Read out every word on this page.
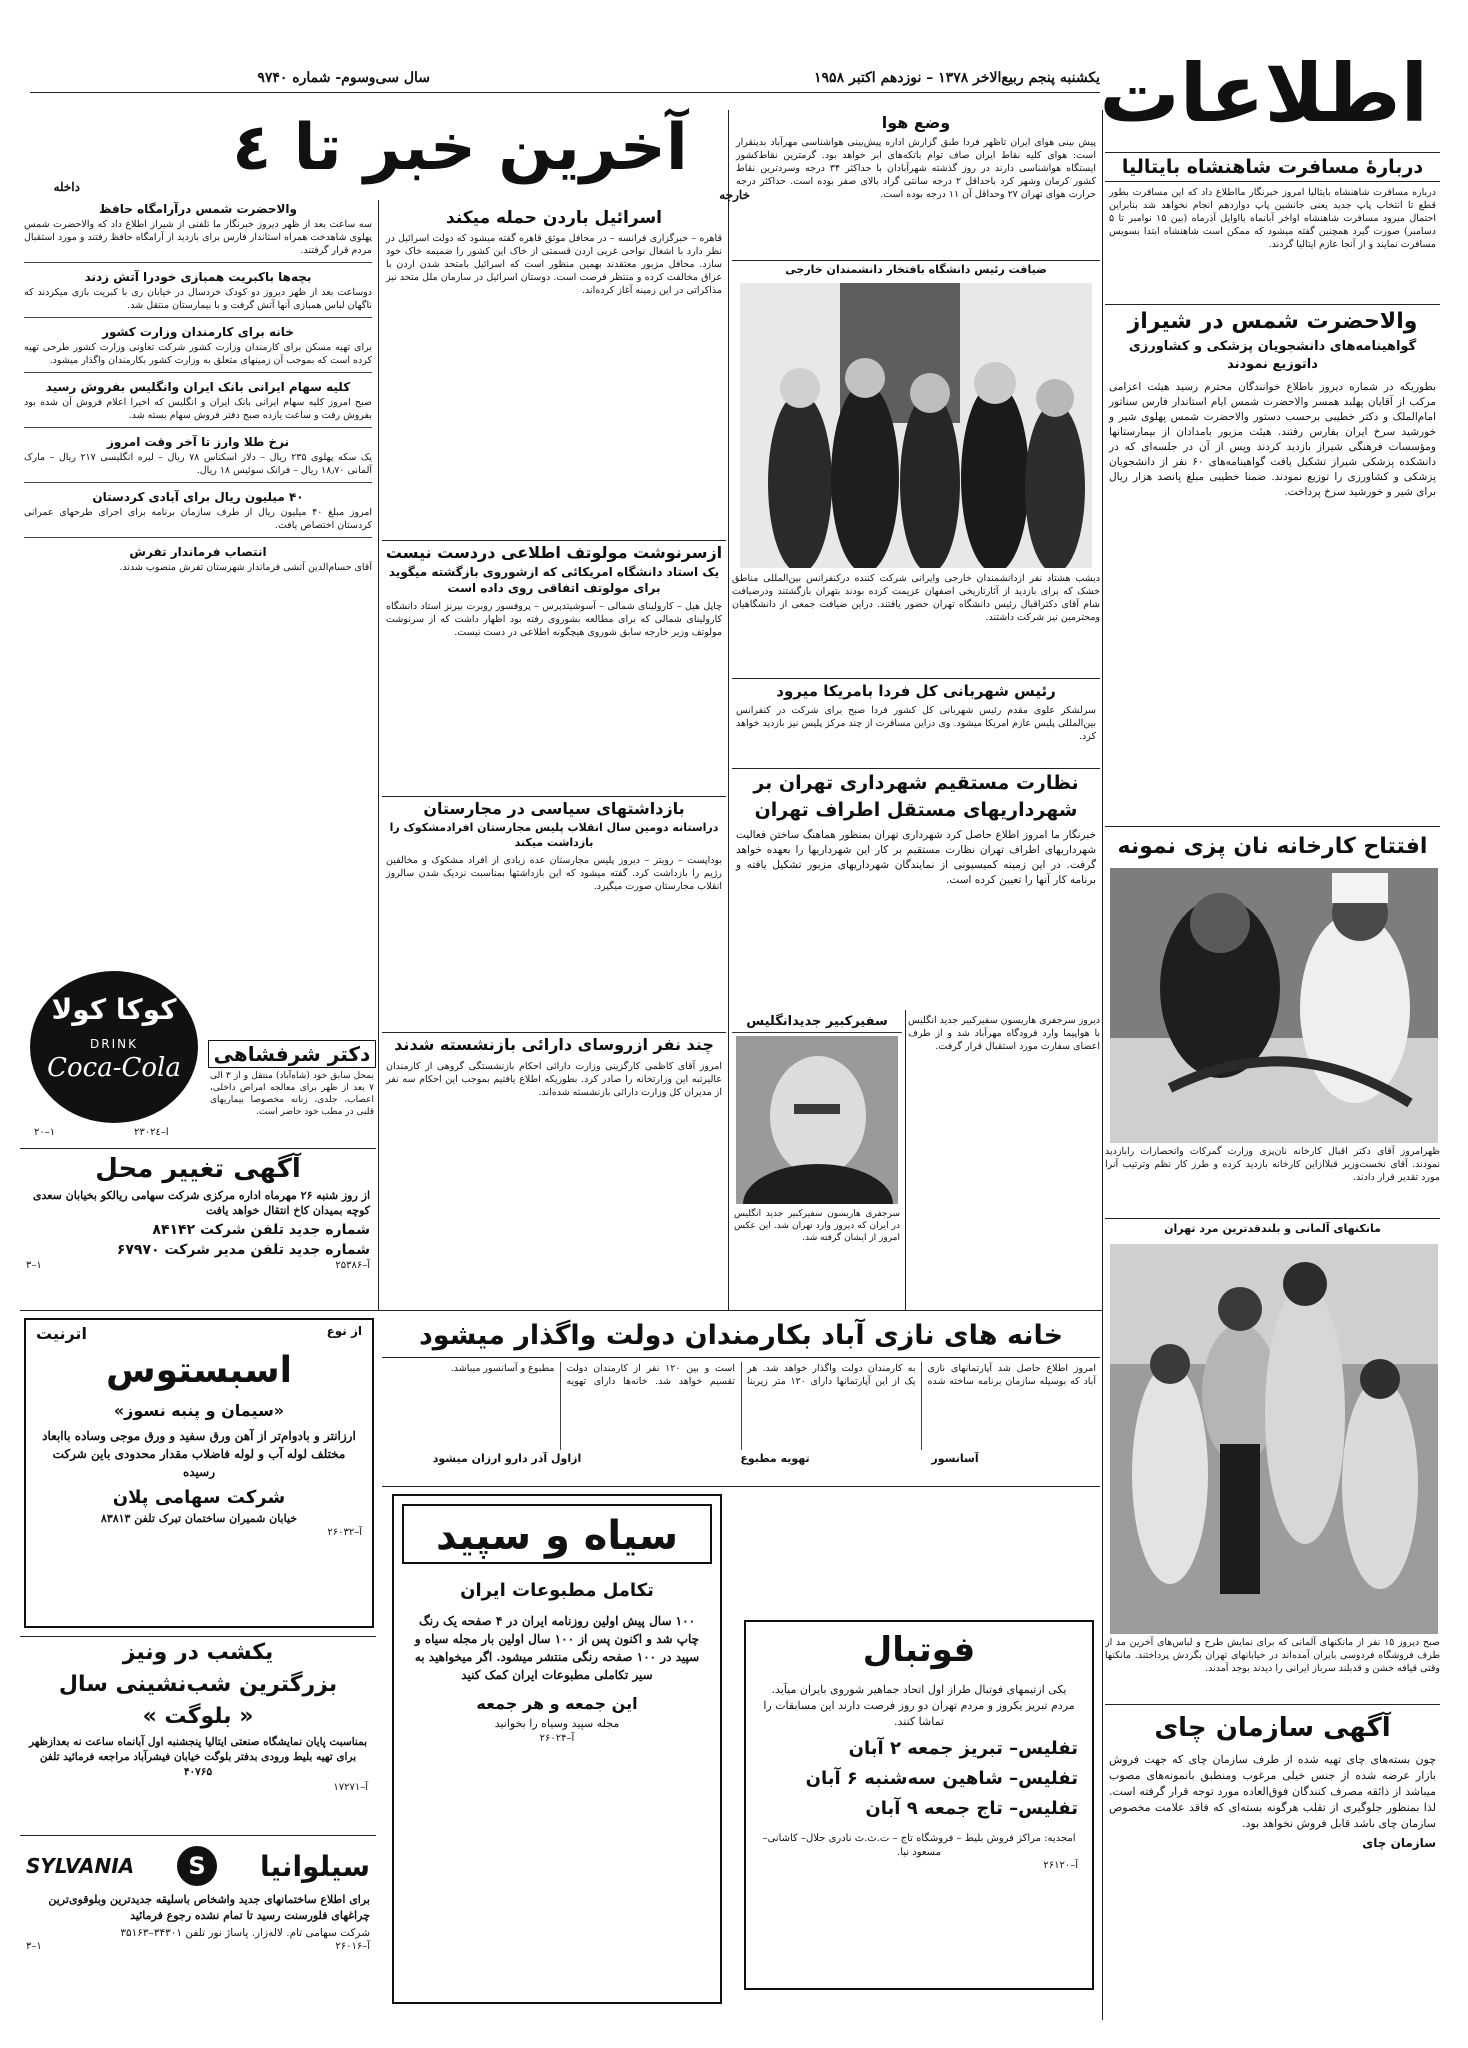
اطلاعات
یکشنبه پنجم ربیع‌الاخر ۱۳۷۸ – نوزدهم اکتبر ۱۹۵۸
سال سی‌وسوم- شماره ۹۷۴۰
آخرین خبر تا ٤
داخله
خارجه
دربارهٔ مسافرت شاهنشاه بایتالیا
درباره مسافرت شاهنشاه بایتالیا امروز خبرنگار مااطلاع داد که این مسافرت بطور قطع تا انتخاب پاپ جدید یعنی جانشین پاپ دوازدهم انجام نخواهد شد بنابراین احتمال میرود مسافرت شاهنشاه اواخر آبانماه یااوایل آذرماه (بین ۱۵ نوامبر تا ۵ دسامبر) صورت گیرد همچنین گفته میشود که ممکن است شاهنشاه ابتدا بسویس مسافرت نمایند و از آنجا عازم ایتالیا گردند.
والاحضرت شمس در شیراز
گواهینامه‌های دانشجویان پزشکی و کشاورزی داتوزیع نمودند
بطوریکه در شماره دیروز باطلاع خوانندگان محترم رسید هیئت اعزامی مرکب از آقایان پهلبد همسر والاحضرت شمس ایام استاندار فارس سناتور امام‌الملک و دکتر خطیبی برحسب دستور والاحضرت شمس پهلوی شیر و خورشید سرخ ایران بفارس رفتند. هیئت مزبور بامدادان از بیمارستانها ومؤسسات فرهنگی شیراز بازدید کردند وپس از آن در جلسه‌ای که در دانشکده پزشکی شیراز تشکیل یافت گواهینامه‌های ۶۰ نفر از دانشجویان پزشکی و کشاورزی را توزیع نمودند. ضمنا خطیبی مبلغ پانصد هزار ریال برای شیر و خورشید سرخ پرداخت.
افتتاح کارخانه نان پزی نمونه
ظهرامروز آقای دکتر اقبال کارخانه نان‌پزی وزارت گمرکات وانحصارات رابازدید نمودند. آقای نخست‌وزیر قبلاازاین کارخانه بازدید کرده و طرز کار نظم وترتیب آنرا مورد تقدیر قرار دادند.
مانکنهای آلمانی و بلندقدترین مرد تهران
صبح دیروز ۱۵ نفر از مانکنهای آلمانی که برای نمایش طرح و لباس‌های آخرین مد از طرف فروشگاه فردوسی بایران آمده‌اند در خیابانهای تهران بگردش پرداختند. مانکنها وقتی قیافه خشن و قدبلند سرباز ایرانی را دیدند بوجد آمدند.
آگهی سازمان چای
چون بسته‌های چای تهیه شده از طرف سازمان چای که جهت فروش بازار عرضه شده از جنس خیلی مرغوب ومنطبق بانمونه‌های مصوب میباشد از ذائقه مصرف کنندگان فوق‌العاده مورد توجه قرار گرفته است. لذا بمنظور جلوگیری از تقلب هرگونه بسته‌ای که فاقد علامت مخصوص سازمان چای باشد قابل فروش نخواهد بود.
سازمان چای
وضع هوا
پیش بینی هوای ایران تاظهر فردا طبق گزارش اداره پیش‌بینی هواشناسی مهرآباد بدینقرار است: هوای کلیه نقاط ایران صاف توام باتکه‌های ابر خواهد بود. گرمترین نقاط‌کشور ایستگاه هواشناسی دارند در روز گذشته شهرآبادان با حداکثر ۳۴ درجه وسردترین نقاط کشور کرمان وشهر کرد باحداقل ۲ درجه سانتی گراد بالای صفر بوده است. حداکثر درجه حرارت هوای تهران ۲۷ وحداقل آن ۱۱ درجه بوده است.
ضیافت رئیس دانشگاه بافتخار دانشمندان خارجی
دیشب هشتاد نفر ازدانشمندان خارجی وایرانی شرکت کننده درکنفرانس بین‌المللی مناطق خشک که برای بازدید از آثارتاریخی اصفهان عزیمت کرده بودند بتهران بازگشتند ودرضیافت شام آقای دکتراقبال رئیس دانشگاه تهران حضور یافتند. دراین ضیافت جمعی از دانشگاهیان ومحترمین نیز شرکت داشتند.
رئیس شهربانی کل فردا بامریکا میرود
سرلشکر علوی مقدم رئیس شهربانی کل کشور فردا صبح برای شرکت در کنفرانس بین‌المللی پلیس عازم امریکا میشود. وی دراین مسافرت از چند مرکز پلیس نیز بازدید خواهد کرد.
نظارت مستقیم شهرداری تهران بر شهرداریهای مستقل اطراف تهران
خبرنگار ما امروز اطلاع حاصل کرد شهرداری تهران بمنظور هماهنگ ساختن فعالیت شهرداریهای اطراف تهران نظارت مستقیم بر کار این شهرداریها را بعهده خواهد گرفت. در این زمینه کمیسیونی از نمایندگان شهرداریهای مزبور تشکیل یافته و برنامه کار آنها را تعیین کرده است.
سفیرکبیر جدیدانگلیس
سرجفری هاریسون سفیرکبیر جدید انگلیس در ایران که دیروز وارد تهران شد. این عکس امروز از ایشان گرفته شد.
دیروز سرجفری هاریسون سفیرکبیر جدید انگلیس با هواپیما وارد فرودگاه مهرآباد شد و از طرف اعضای سفارت مورد استقبال قرار گرفت.
اسرائیل باردن حمله میکند
قاهره – خبرگزاری فرانسه – در محافل موثق قاهره گفته میشود که دولت اسرائیل در نظر دارد با اشغال نواحی غربی اردن قسمتی از خاک این کشور را ضمیمه خاک خود سازد. محافل مزبور معتقدند بهمین منظور است که اسرائیل بامتحد شدن اردن با عراق مخالفت کرده و منتظر فرصت است. دوستان اسرائیل در سازمان ملل متحد نیز مذاکراتی در این زمینه آغاز کرده‌اند.
ازسرنوشت مولوتف اطلاعی دردست نیست
یک استاد دانشگاه امریکائی که ازشوروی بازگشته میگوید برای مولوتف اتفاقی روی داده است
چاپل هیل – کارولینای شمالی – آسوشیتدپرس – پروفسور روبرت بیرنز استاد دانشگاه کارولینای شمالی که برای مطالعه بشوروی رفته بود اظهار داشت که از سرنوشت مولوتف وزیر خارجه سابق شوروی هیچگونه اطلاعی در دست نیست.
بازداشتهای سیاسی در مجارستان
دراستانه دومین سال انقلاب پلیس مجارستان افرادمشکوک را بازداشت میکند
بوداپست – رویتر – دیروز پلیس مجارستان عده زیادی از افراد مشکوک و مخالفین رژیم را بازداشت کرد. گفته میشود که این بازداشتها بمناسبت نزدیک شدن سالروز انقلاب مجارستان صورت میگیرد.
چند نفر ازروسای دارائی بازنشسته شدند
امروز آقای کاظمی کارگزینی وزارت دارائی احکام بازنشستگی گروهی از کارمندان عالیرتبه این وزارتخانه را صادر کرد. بطوریکه اطلاع یافتیم بموجب این احکام سه نفر از مدیران کل وزارت دارائی بازنشسته شده‌اند.
والاحضرت شمس درآرامگاه حافظ
سه ساعت بعد از ظهر دیروز خبرنگار ما تلفنی از شیراز اطلاع داد که والاحضرت شمس پهلوی شاهدخت همراه استاندار فارس برای بازدید از آرامگاه حافظ رفتند و مورد استقبال مردم قرار گرفتند.
بچه‌ها باکبریت همبازی خودرا آتش زدند
دوساعت بعد از ظهر دیروز دو کودک خردسال در خیابان ری با کبریت بازی میکردند که ناگهان لباس همبازی آنها آتش گرفت و با بیمارستان منتقل شد.
خانه برای کارمندان وزارت کشور
برای تهیه مسکن برای کارمندان وزارت کشور شرکت تعاونی وزارت کشور طرحی تهیه کرده است که بموجب آن زمینهای متعلق به وزارت کشور بکارمندان واگذار میشود.
کلیه سهام ایرانی بانک ایران وانگلیس بفروش رسید
صبح امروز کلیه سهام ایرانی بانک ایران و انگلیس که اخیرا اعلام فروش آن شده بود بفروش رفت و ساعت یازده صبح دفتر فروش سهام بسته شد.
نرخ طلا وارز تا آخر وقت امروز
یک سکه پهلوی ۲۳۵ ریال – دلار اسکناس ۷۸ ریال – لیره انگلیسی ۲۱۷ ریال – مارک آلمانی ۱۸٫۷۰ ریال – فرانک سوئیس ۱۸ ریال.
۴۰ میلیون ریال برای آبادی کردستان
امروز مبلغ ۴۰ میلیون ریال از طرف سازمان برنامه برای اجرای طرحهای عمرانی کردستان اختصاص یافت.
انتصاب فرماندار تفرش
آقای حسام‌الدین آتشی فرماندار شهرستان تفرش منصوب شدند.
کوکا کولا
DRINK
Coca-Cola
آ–٢٣٠٢٤
١–٢٠
دکتر شرفشاهی
بمحل سابق خود (شاه‌آباد) منتقل و از ۳ الی ۷ بعد از ظهر برای معالجه امراض داخلی، اعصاب، جلدی، زنانه مخصوصا بیماریهای قلبی در مطب خود حاضر است.
آگهی تغییر محل
از روز شنبه ۲۶ مهرماه اداره مرکزی شرکت سهامی ریالکو بخیابان سعدی کوچه بمیدان کاخ انتقال خواهد یافت
شماره جدید تلفن شرکت ۸۴۱۴۲
شماره جدید تلفن مدیر شرکت ۶۷۹۷۰
۳–۱	آ–۲۵۳۸۶
خانه های نازی آباد بکارمندان دولت واگذار میشود
امروز اطلاع حاصل شد آپارتمانهای نازی آباد که بوسیله سازمان برنامه ساخته شده به کارمندان دولت واگذار خواهد شد. هر یک از این آپارتمانها دارای ۱۲۰ متر زیربنا است و بین ۱۲۰ نفر از کارمندان دولت تقسیم خواهد شد. خانه‌ها دارای تهویه مطبوع و آسانسور میباشد.
ازاول آذر دارو ارزان میشود	تهویه مطبوع	آسانسور
سیاه و سپید
تکامل مطبوعات ایران
۱۰۰ سال پیش اولین روزنامه ایران در ۴ صفحه یک رنگ چاپ شد و اکنون پس از ۱۰۰ سال اولین بار مجله سیاه و سپید در ۱۰۰ صفحه رنگی منتشر میشود. اگر میخواهید به سیر تکاملی مطبوعات ایران کمک کنید
این جمعه و هر جمعه
مجله سپید وسیاه را بخوانید
آ–۲۶۰۲۴
فوتبال
یکی ازتیمهای فوتبال طراز اول اتحاد جماهیر شوروی بایران میآید. مردم تبریز یکروز و مردم تهران دو روز فرصت دارند این مسابقات را تماشا کنند.
تفلیس– تبریز جمعه ۲ آبان
تفلیس– شاهین سه‌شنبه ۶ آبان
تفلیس– تاج جمعه ۹ آبان
امجدیه: مراکز فروش بلیط – فروشگاه تاج – ت.ث.ث نادری جلال– کاشانی– مسعود نیا.
آ–۲۶۱۲۰
اترنیت	از نوع
اسبستوس
«سیمان و پنبه نسوز»
ارزانتر و بادوام‌تر از آهن ورق سفید و ورق موجی وساده باابعاد مختلف لوله آب و لوله فاضلاب مقدار محدودی باین شرکت رسیده
شرکت سهامی پلان
خیابان شمیران ساختمان تبرک تلفن ۸۳۸۱۳
آ–۲۶۰۳۲
یکشب در ونیز
بزرگترین شب‌نشینی سال
« بلوگت »
بمناسبت پایان نمایشگاه صنعتی ایتالیا پنجشنبه اول آبانماه ساعت نه بعدازظهر برای تهیه بلیط ورودی بدفتر بلوگت خیابان فیشرآباد مراجعه فرمائید تلفن ۴۰۷۶۵
آ–۱۷۲۷۱
SYLVANIA	S	سیلوانیا
برای اطلاع ساختمانهای جدید واشخاص باسلیقه جدیدترین وبلوقوی‌ترین چراغهای فلورسنت رسید تا تمام نشده رجوع فرمائید
شرکت سهامی تام. لاله‌زار. پاساژ نور تلفن ۳۴۳۰۱–۳۵۱۶۳
۳–۱	آ–۲۶۰۱۶
